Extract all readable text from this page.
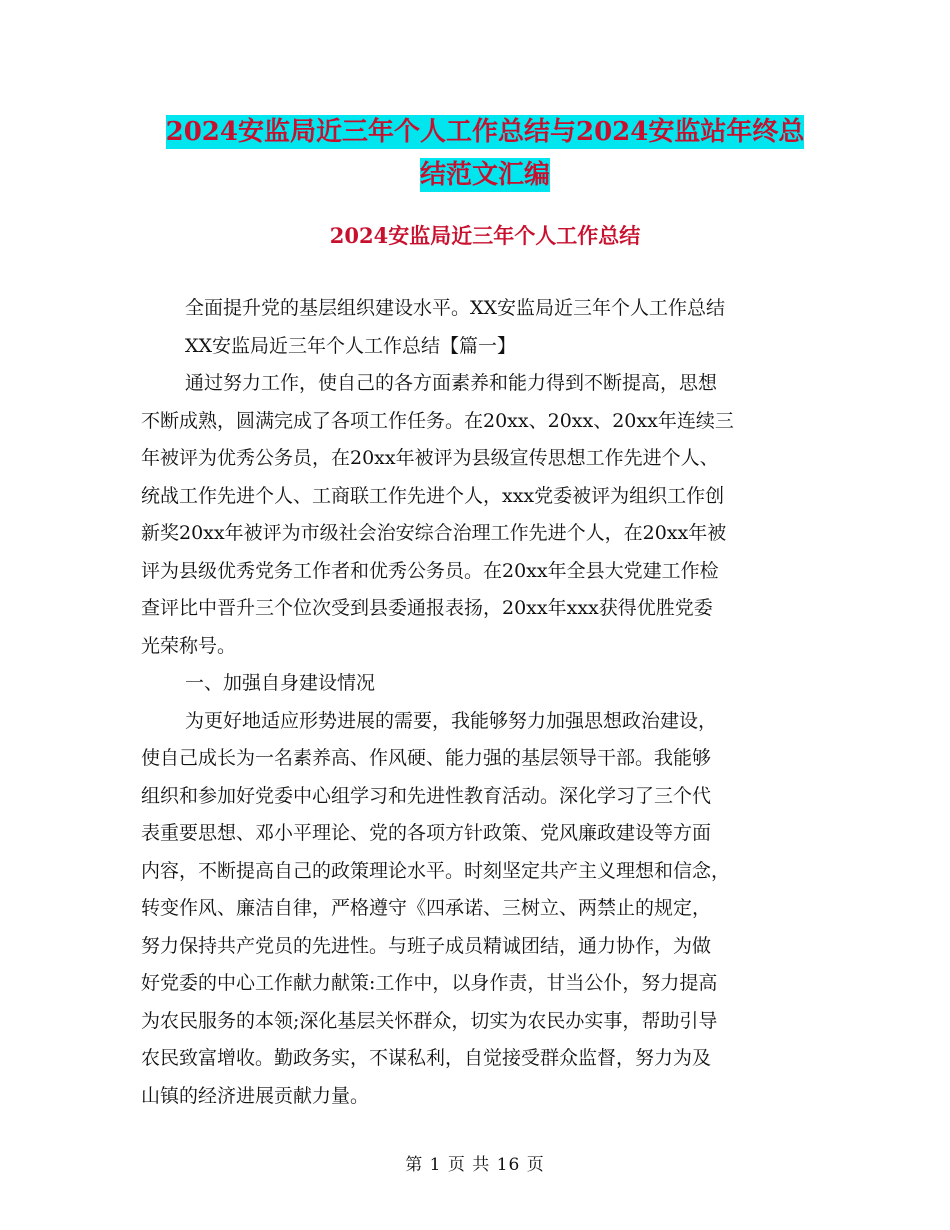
2024安监局近三年个人工作总结与2024安监站年终总
结范文汇编
2024安监局近三年个人工作总结
全面提升党的基层组织建设水平。XX安监局近三年个人工作总结
XX安监局近三年个人工作总结【篇一】
通过努力工作，使自己的各方面素养和能力得到不断提高，思想
不断成熟，圆满完成了各项工作任务。在20xx、20xx、20xx年连续三
年被评为优秀公务员，在20xx年被评为县级宣传思想工作先进个人、
统战工作先进个人、工商联工作先进个人，xxx党委被评为组织工作创
新奖20xx年被评为市级社会治安综合治理工作先进个人，在20xx年被
评为县级优秀党务工作者和优秀公务员。在20xx年全县大党建工作检
查评比中晋升三个位次受到县委通报表扬，20xx年xxx获得优胜党委
光荣称号。
一、加强自身建设情况
为更好地适应形势进展的需要，我能够努力加强思想政治建设，
使自己成长为一名素养高、作风硬、能力强的基层领导干部。我能够
组织和参加好党委中心组学习和先进性教育活动。深化学习了三个代
表重要思想、邓小平理论、党的各项方针政策、党风廉政建设等方面
内容，不断提高自己的政策理论水平。时刻坚定共产主义理想和信念，
转变作风、廉洁自律，严格遵守《四承诺、三树立、两禁止的规定，
努力保持共产党员的先进性。与班子成员精诚团结，通力协作，为做
好党委的中心工作献力献策:工作中，以身作责，甘当公仆，努力提高
为农民服务的本领;深化基层关怀群众，切实为农民办实事，帮助引导
农民致富增收。勤政务实，不谋私利，自觉接受群众监督，努力为及
山镇的经济进展贡献力量。
第 1 页 共 16 页
